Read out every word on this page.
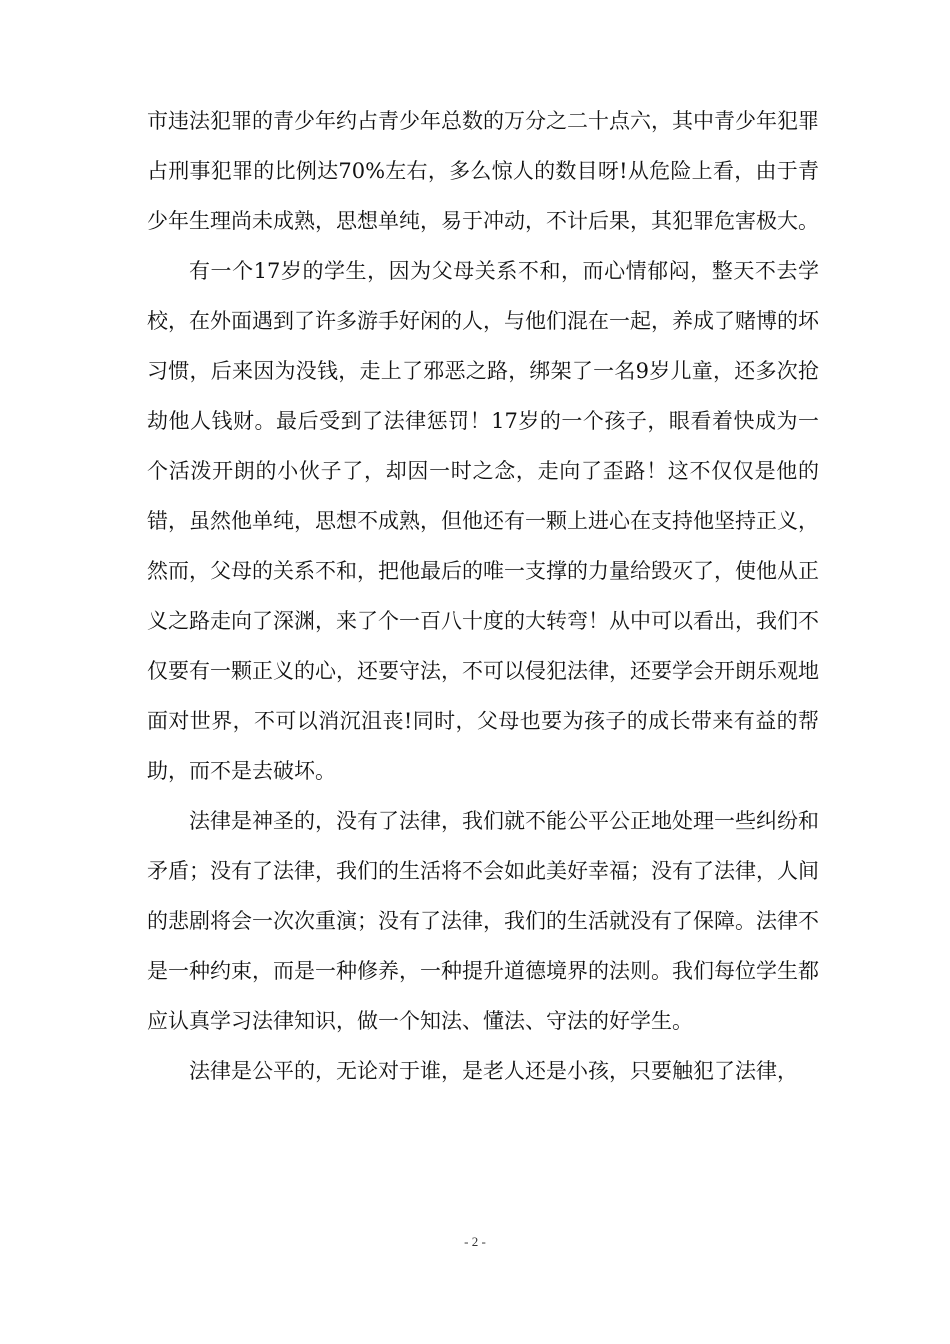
市违法犯罪的青少年约占青少年总数的万分之二十点六，其中青少年犯罪占刑事犯罪的比例达70%左右，多么惊人的数目呀!从危险上看，由于青少年生理尚未成熟，思想单纯，易于冲动，不计后果，其犯罪危害极大。

有一个17岁的学生，因为父母关系不和，而心情郁闷，整天不去学校，在外面遇到了许多游手好闲的人，与他们混在一起，养成了赌博的坏习惯，后来因为没钱，走上了邪恶之路，绑架了一名9岁儿童，还多次抢劫他人钱财。最后受到了法律惩罚！17岁的一个孩子，眼看着快成为一个活泼开朗的小伙子了，却因一时之念，走向了歪路！这不仅仅是他的错，虽然他单纯，思想不成熟，但他还有一颗上进心在支持他坚持正义，然而，父母的关系不和，把他最后的唯一支撑的力量给毁灭了，使他从正义之路走向了深渊，来了个一百八十度的大转弯！从中可以看出，我们不仅要有一颗正义的心，还要守法，不可以侵犯法律，还要学会开朗乐观地面对世界，不可以消沉沮丧!同时，父母也要为孩子的成长带来有益的帮助，而不是去破坏。

法律是神圣的，没有了法律，我们就不能公平公正地处理一些纠纷和矛盾；没有了法律，我们的生活将不会如此美好幸福；没有了法律，人间的悲剧将会一次次重演；没有了法律，我们的生活就没有了保障。法律不是一种约束，而是一种修养，一种提升道德境界的法则。我们每位学生都应认真学习法律知识，做一个知法、懂法、守法的好学生。

法律是公平的，无论对于谁，是老人还是小孩，只要触犯了法律，

- 2 -
